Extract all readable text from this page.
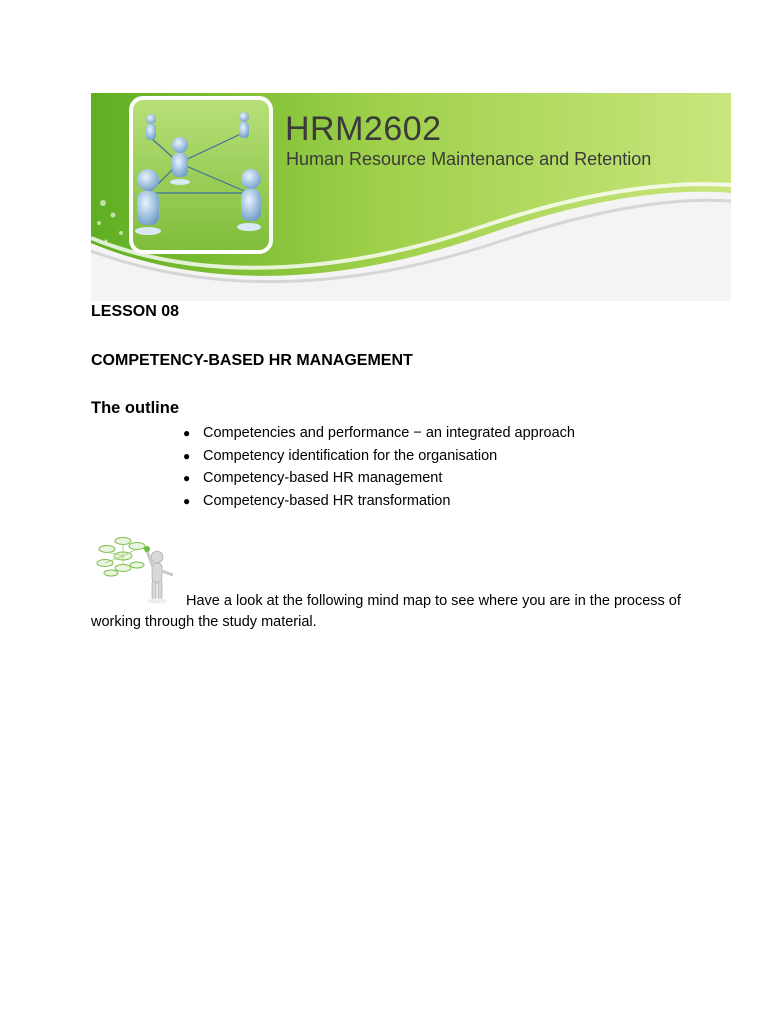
HRM2602
Human Resource Maintenance and Retention
LESSON 08
COMPETENCY-BASED HR MANAGEMENT
The outline
● Competencies and performance − an integrated approach
● Competency identification for the organisation
● Competency-based HR management
● Competency-based HR transformation
Have a look at the following mind map to see where you are in the process of working through the study material.
